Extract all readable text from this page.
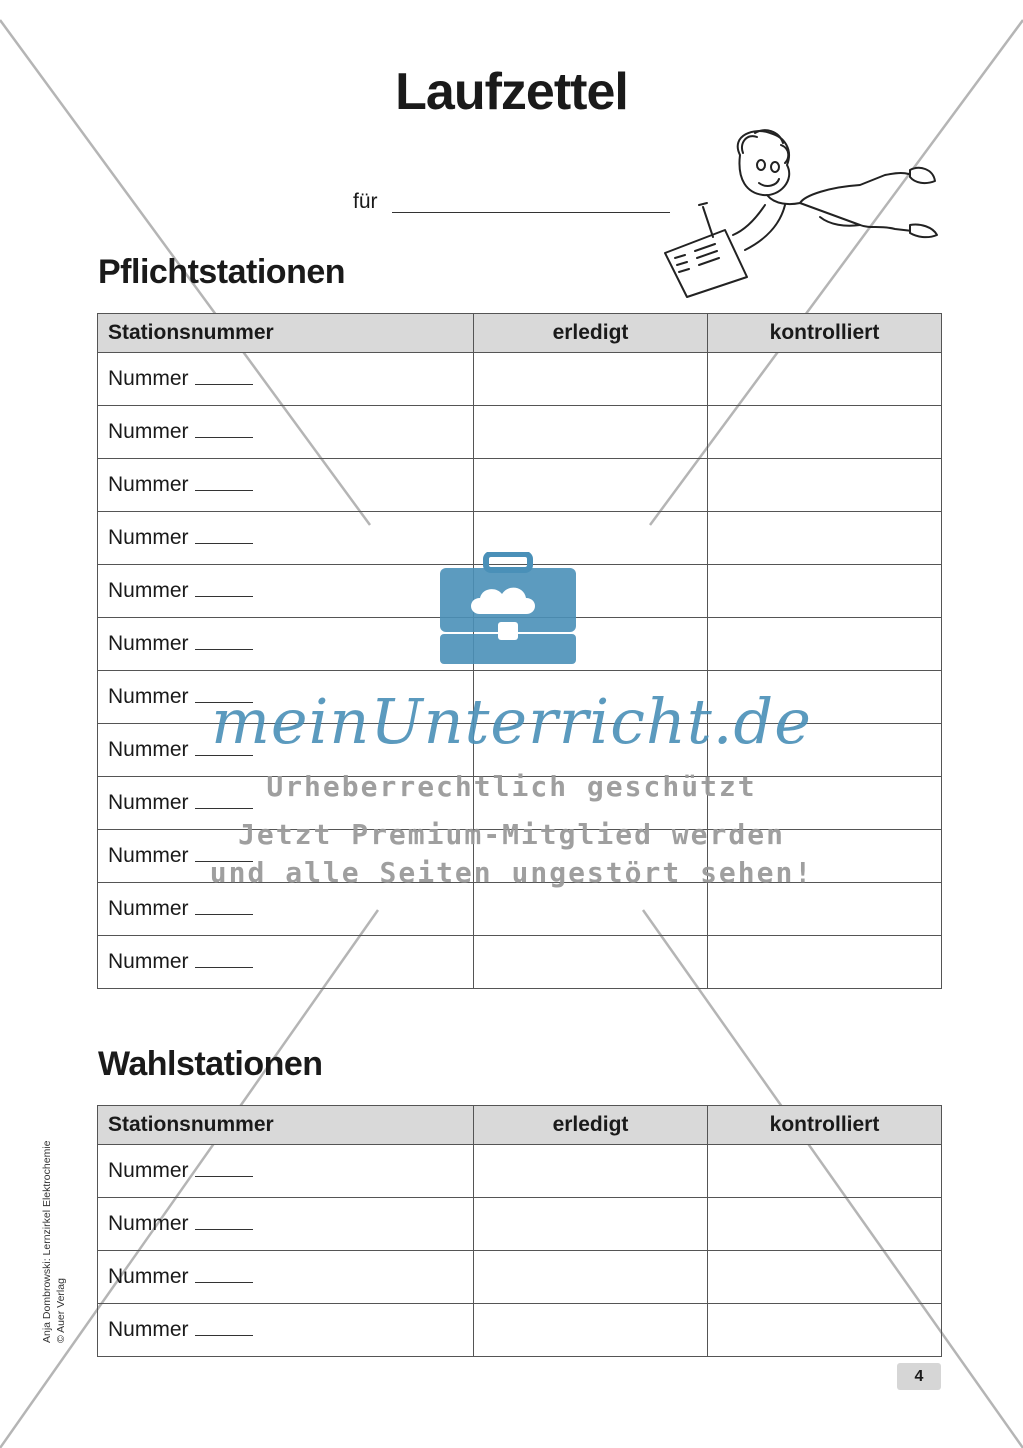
Laufzettel
für
Pflichtstationen
Stationsnummer	erledigt	kontrolliert
Nummer		
Nummer		
Nummer		
Nummer		
Nummer		
Nummer		
Nummer		
Nummer		
Nummer		
Nummer		
Nummer		
Nummer		
Wahlstationen
Stationsnummer	erledigt	kontrolliert
Nummer		
Nummer		
Nummer		
Nummer		
Anja Dombrowski: Lernzirkel Elektrochemie © Auer Verlag
4
meinUnterricht.de
Urheberrechtlich geschützt
Jetzt Premium-Mitglied werden
und alle Seiten ungestört sehen!
